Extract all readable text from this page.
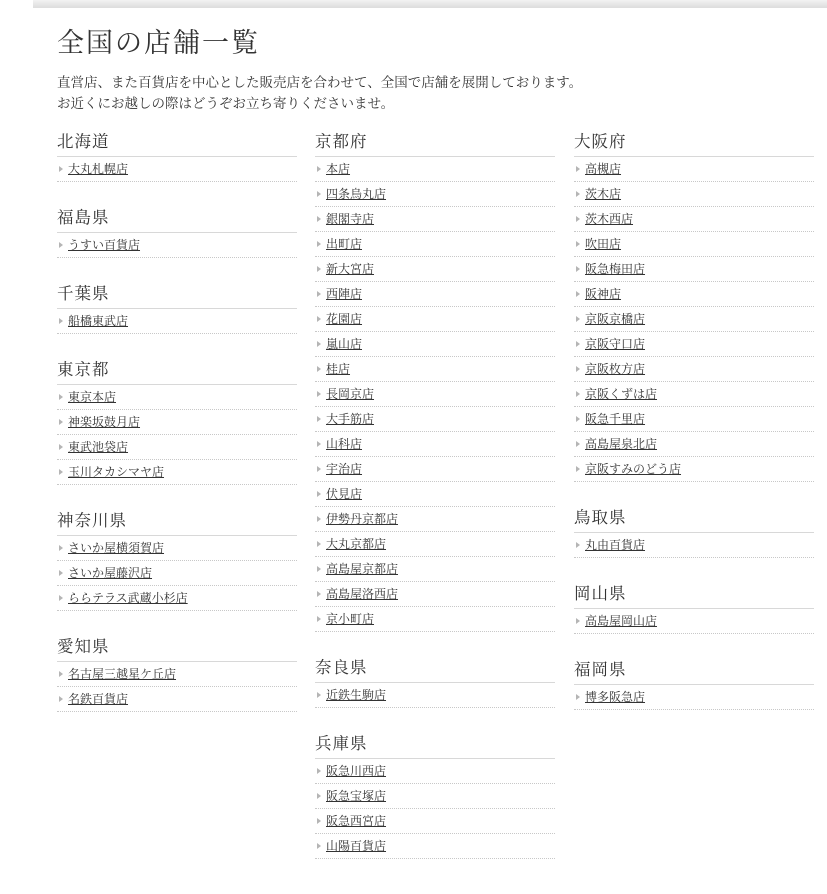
全国の店舗一覧

直営店、また百貨店を中心とした販売店を合わせて、全国で店舗を展開しております。

お近くにお越しの際はどうぞお立ち寄りくださいませ。

北海道
大丸札幌店
福島県
うすい百貨店
千葉県
船橋東武店
東京都
東京本店
神楽坂鼓月店
東武池袋店
玉川タカシマヤ店
神奈川県
さいか屋横須賀店
さいか屋藤沢店
ららテラス武蔵小杉店
愛知県
名古屋三越星ケ丘店
名鉄百貨店
京都府
本店
四条烏丸店
銀閣寺店
出町店
新大宮店
西陣店
花園店
嵐山店
桂店
長岡京店
大手筋店
山科店
宇治店
伏見店
伊勢丹京都店
大丸京都店
高島屋京都店
高島屋洛西店
京小町店
奈良県
近鉄生駒店
兵庫県
阪急川西店
阪急宝塚店
阪急西宮店
山陽百貨店
大阪府
高槻店
茨木店
茨木西店
吹田店
阪急梅田店
阪神店
京阪京橋店
京阪守口店
京阪枚方店
京阪くずは店
阪急千里店
高島屋泉北店
京阪すみのどう店
鳥取県
丸由百貨店
岡山県
高島屋岡山店
福岡県
博多阪急店
